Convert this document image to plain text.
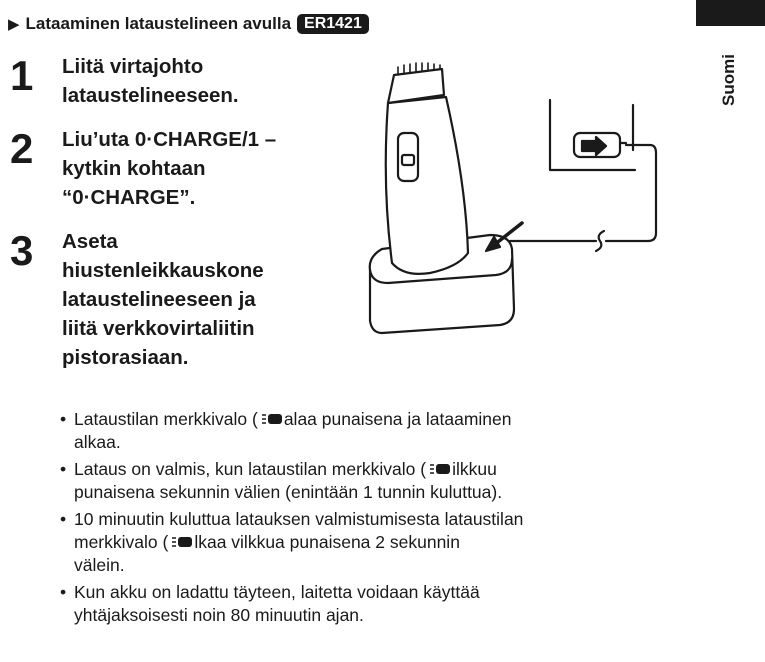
▶ Lataaminen lataustelineen avulla ER1421
Suomi
1 Liitä virtajohto
lataustelineeseen.
2 Liu’uta 0·CHARGE/1 –
kytkin kohtaan
“0·CHARGE”.
3 Aseta
hiustenleikkauskone
lataustelineeseen ja
liitä verkkovirtaliitin
pistorasiaan.
• Lataustilan merkkivalo ( alaa punaisena ja lataaminen
alkaa.
• Lataus on valmis, kun lataustilan merkkivalo ( ilkkuu
punaisena sekunnin välien (enintään 1 tunnin kuluttua).
• 10 minuutin kuluttua latauksen valmistumisesta lataustilan
merkkivalo ( lkaa vilkkua punaisena 2 sekunnin
välein.
• Kun akku on ladattu täyteen, laitetta voidaan käyttää
yhtäjaksoisesti noin 80 minuutin ajan.
